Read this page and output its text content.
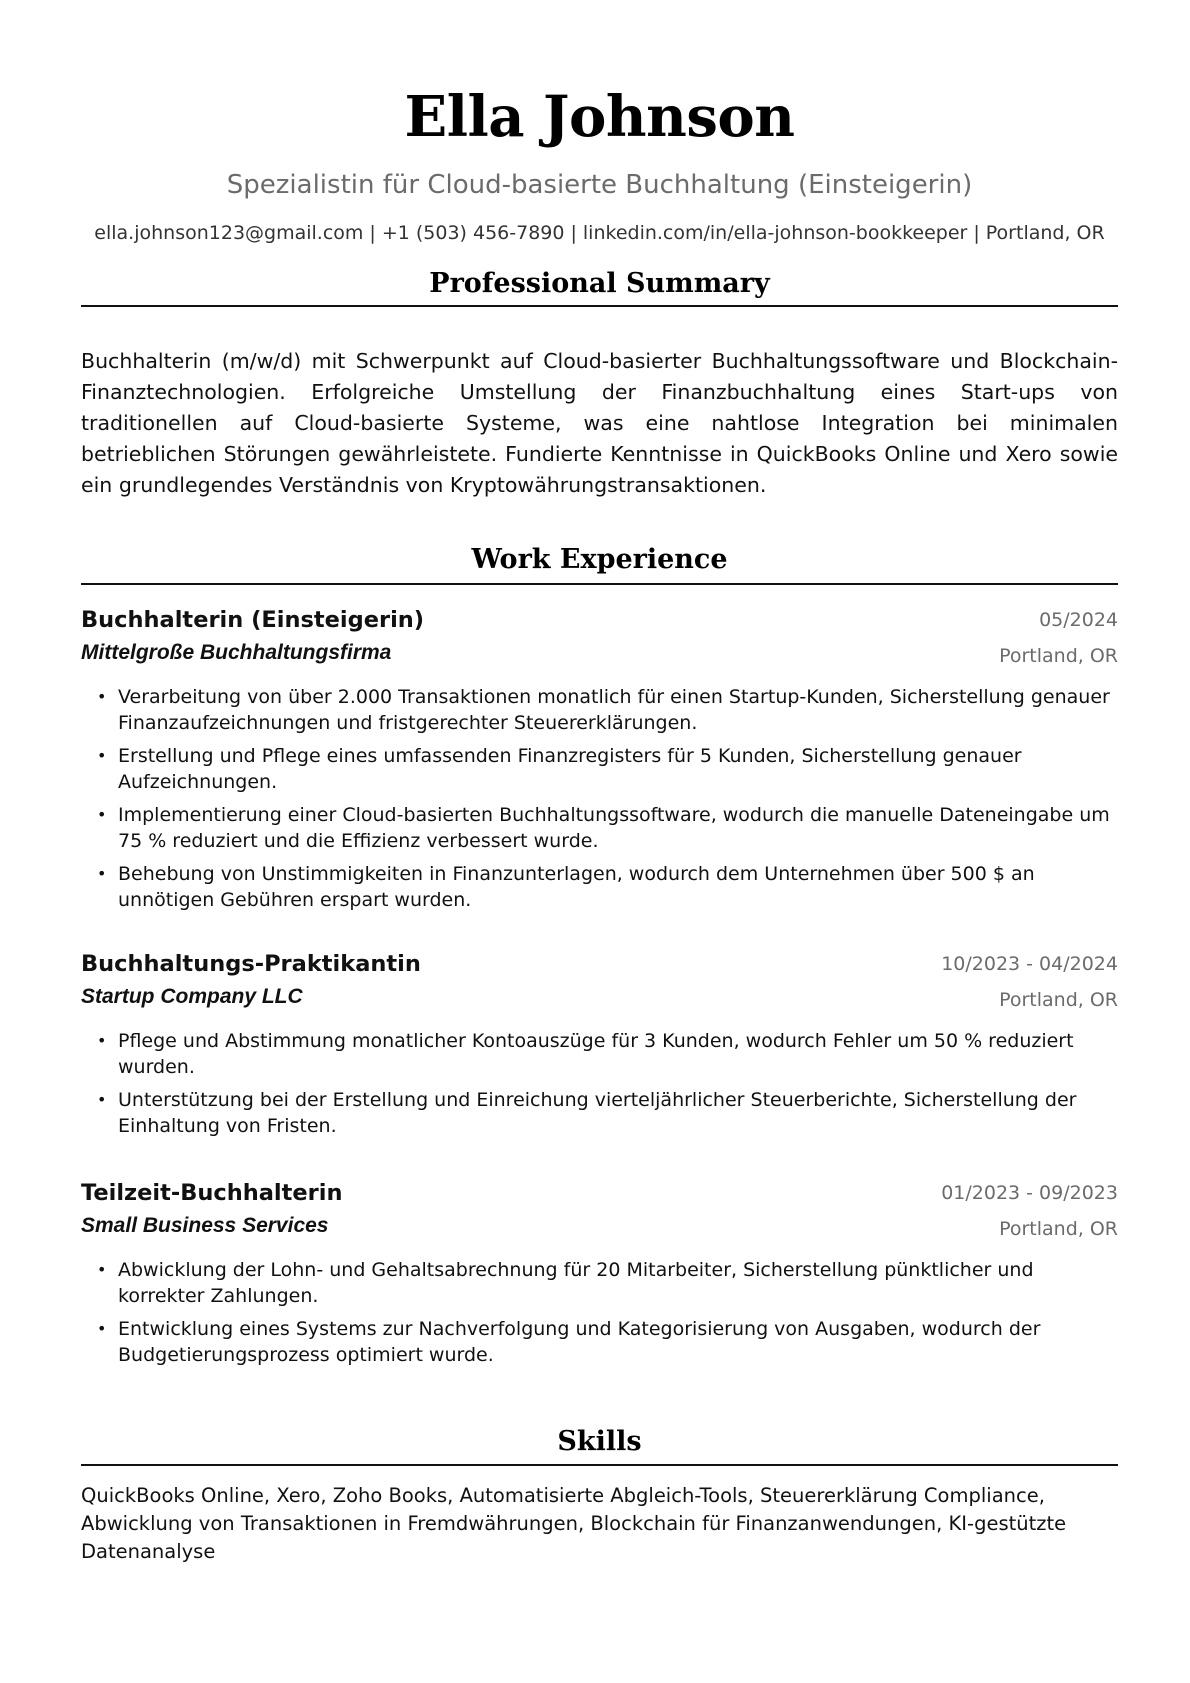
Ella Johnson
Spezialistin für Cloud-basierte Buchhaltung (Einsteigerin)
ella.johnson123@gmail.com | +1 (503) 456-7890 | linkedin.com/in/ella-johnson-bookkeeper | Portland, OR
Professional Summary
Buchhalterin (m/w/d) mit Schwerpunkt auf Cloud-basierter Buchhaltungssoftware und Blockchain-Finanztechnologien. Erfolgreiche Umstellung der Finanzbuchhaltung eines Start-ups von traditionellen auf Cloud-basierte Systeme, was eine nahtlose Integration bei minimalen betrieblichen Störungen gewährleistete. Fundierte Kenntnisse in QuickBooks Online und Xero sowie ein grundlegendes Verständnis von Kryptowährungstransaktionen.
Work Experience
Buchhalterin (Einsteigerin)	05/2024
Mittelgroße Buchhaltungsfirma	Portland, OR
• Verarbeitung von über 2.000 Transaktionen monatlich für einen Startup-Kunden, Sicherstellung genauer Finanzaufzeichnungen und fristgerechter Steuererklärungen.
• Erstellung und Pflege eines umfassenden Finanzregisters für 5 Kunden, Sicherstellung genauer Aufzeichnungen.
• Implementierung einer Cloud-basierten Buchhaltungssoftware, wodurch die manuelle Dateneingabe um 75 % reduziert und die Effizienz verbessert wurde.
• Behebung von Unstimmigkeiten in Finanzunterlagen, wodurch dem Unternehmen über 500 $ an unnötigen Gebühren erspart wurden.
Buchhaltungs-Praktikantin	10/2023 - 04/2024
Startup Company LLC	Portland, OR
• Pflege und Abstimmung monatlicher Kontoauszüge für 3 Kunden, wodurch Fehler um 50 % reduziert wurden.
• Unterstützung bei der Erstellung und Einreichung vierteljährlicher Steuerberichte, Sicherstellung der Einhaltung von Fristen.
Teilzeit-Buchhalterin	01/2023 - 09/2023
Small Business Services	Portland, OR
• Abwicklung der Lohn- und Gehaltsabrechnung für 20 Mitarbeiter, Sicherstellung pünktlicher und korrekter Zahlungen.
• Entwicklung eines Systems zur Nachverfolgung und Kategorisierung von Ausgaben, wodurch der Budgetierungsprozess optimiert wurde.
Skills
QuickBooks Online, Xero, Zoho Books, Automatisierte Abgleich-Tools, Steuererklärung Compliance, Abwicklung von Transaktionen in Fremdwährungen, Blockchain für Finanzanwendungen, KI-gestützte Datenanalyse
